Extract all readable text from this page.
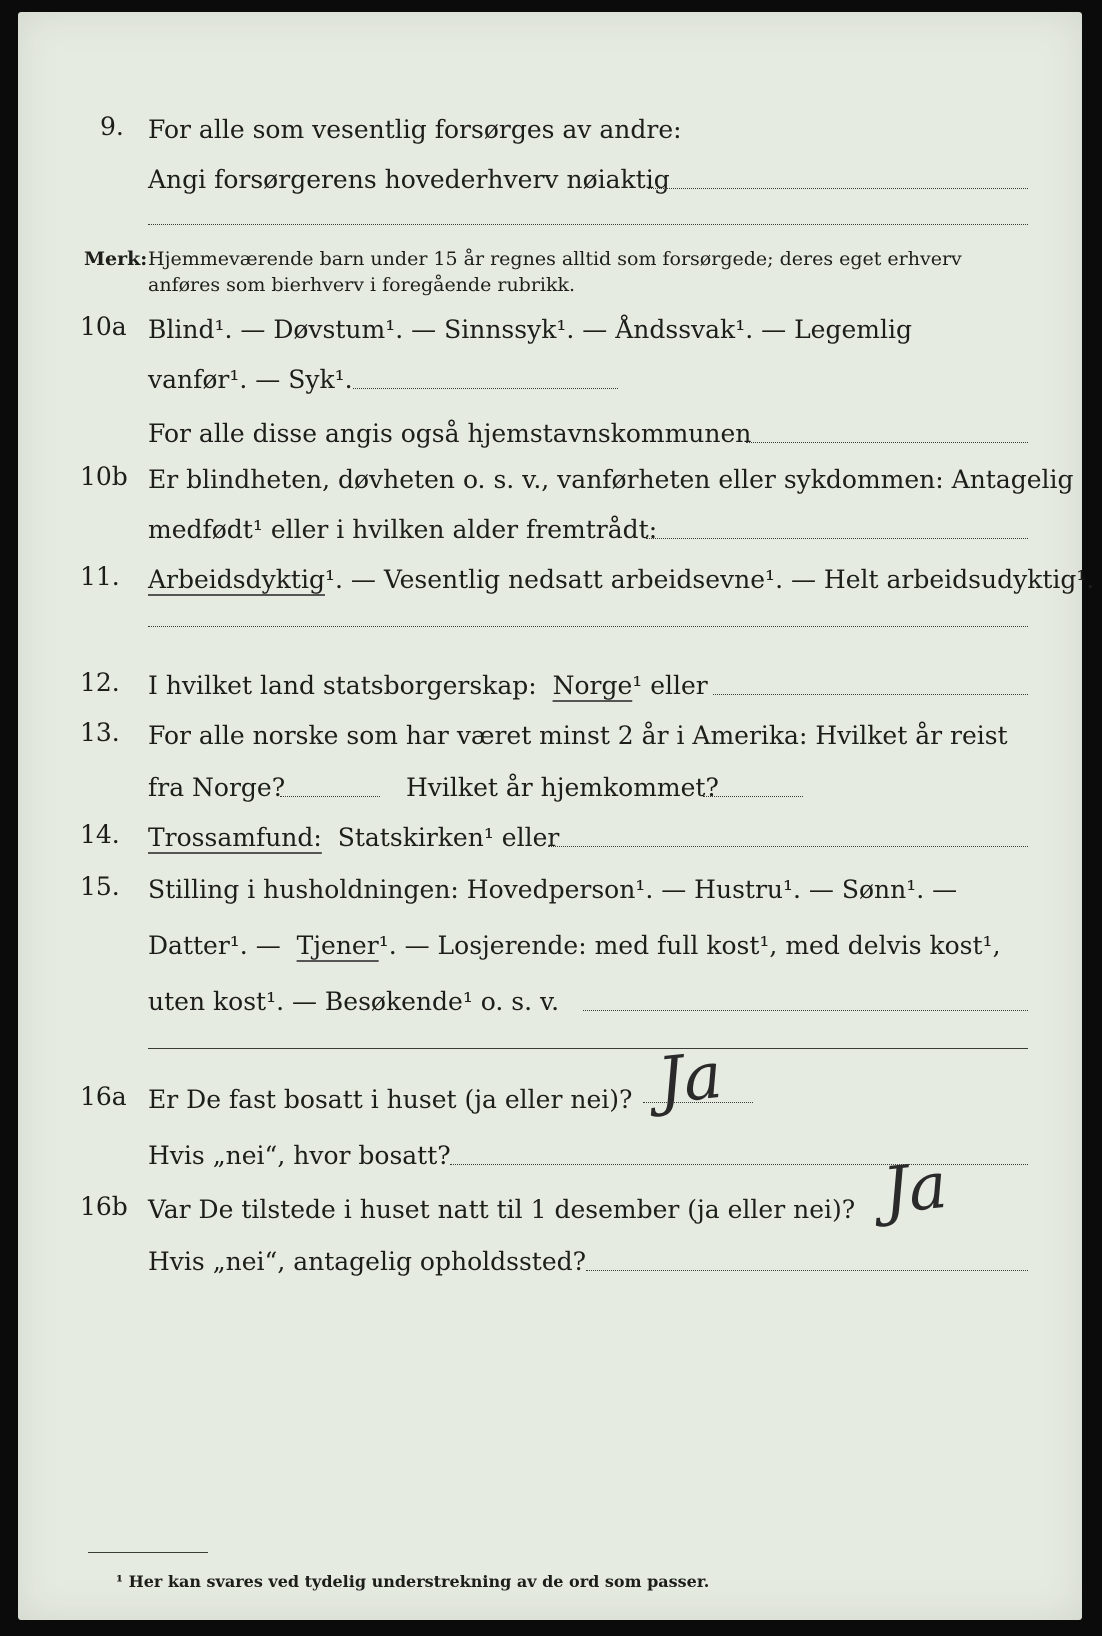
9. For alle som vesentlig forsørges av andre:
Angi forsørgerens hovederhverv nøiaktig
Merk: Hjemmeværende barn under 15 år regnes alltid som forsørgede; deres eget erhverv
anføres som bierhverv i foregående rubrikk.
10a Blind¹. — Døvstum¹. — Sinnssyk¹. — Åndssvak¹. — Legemlig
vanfør¹. — Syk¹.
For alle disse angis også hjemstavnskommunen
10b Er blindheten, døvheten o. s. v., vanførheten eller sykdommen: Antagelig
medfødt¹ eller i hvilken alder fremtrådt:
11.	Arbeidsdyktig ¹. — Vesentlig nedsatt arbeidsevne¹. — Helt arbeidsudyktig¹.
12.	I hvilket land statsborgerskap:
Norge ¹ eller
13.	For alle norske som har været minst 2 år i Amerika: Hvilket år reist
fra Norge?	Hvilket år hjemkommet?
14.	Trossamfund:
Statskirken¹ eller
15.	Stilling i husholdningen: Hovedperson¹. — Hustru¹. — Sønn¹. —
Datter¹. —
Tjener ¹. — Losjerende: med full kost¹, med delvis kost¹,
uten kost¹. — Besøkende¹ o. s. v.
16a Er De fast bosatt i huset (ja eller nei)? Ja
Hvis „nei“, hvor bosatt?
16b Var De tilstede i huset natt til 1 desember (ja eller nei)? Ja
Hvis „nei“, antagelig opholdssted?
¹ Her kan svares ved tydelig understrekning av de ord som passer.
